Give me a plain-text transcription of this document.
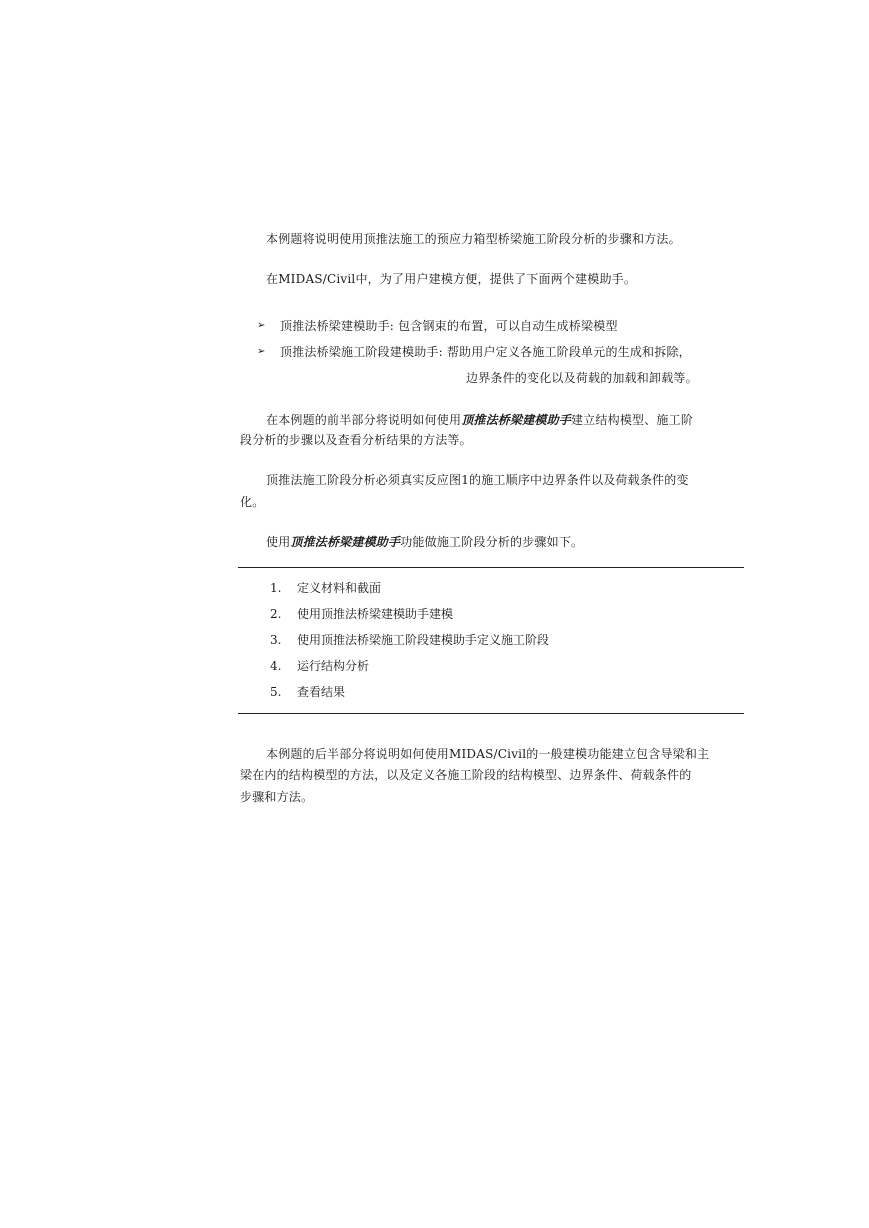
本例题将说明使用顶推法施工的预应力箱型桥梁施工阶段分析的步骤和方法。
在MIDAS/Civil中，为了用户建模方便，提供了下面两个建模助手。
➢ 顶推法桥梁建模助手: 包含钢束的布置，可以自动生成桥梁模型
➢ 顶推法桥梁施工阶段建模助手: 帮助用户定义各施工阶段单元的生成和拆除，
边界条件的变化以及荷载的加载和卸载等。
在本例题的前半部分将说明如何使用顶推法桥梁建模助手建立结构模型、施工阶
段分析的步骤以及查看分析结果的方法等。
顶推法施工阶段分析必须真实反应图1的施工顺序中边界条件以及荷载条件的变
化。
使用顶推法桥梁建模助手功能做施工阶段分析的步骤如下。
1. 定义材料和截面
2. 使用顶推法桥梁建模助手建模
3. 使用顶推法桥梁施工阶段建模助手定义施工阶段
4. 运行结构分析
5. 查看结果
本例题的后半部分将说明如何使用MIDAS/Civil的一般建模功能建立包含导梁和主
梁在内的结构模型的方法，以及定义各施工阶段的结构模型、边界条件、荷载条件的
步骤和方法。
